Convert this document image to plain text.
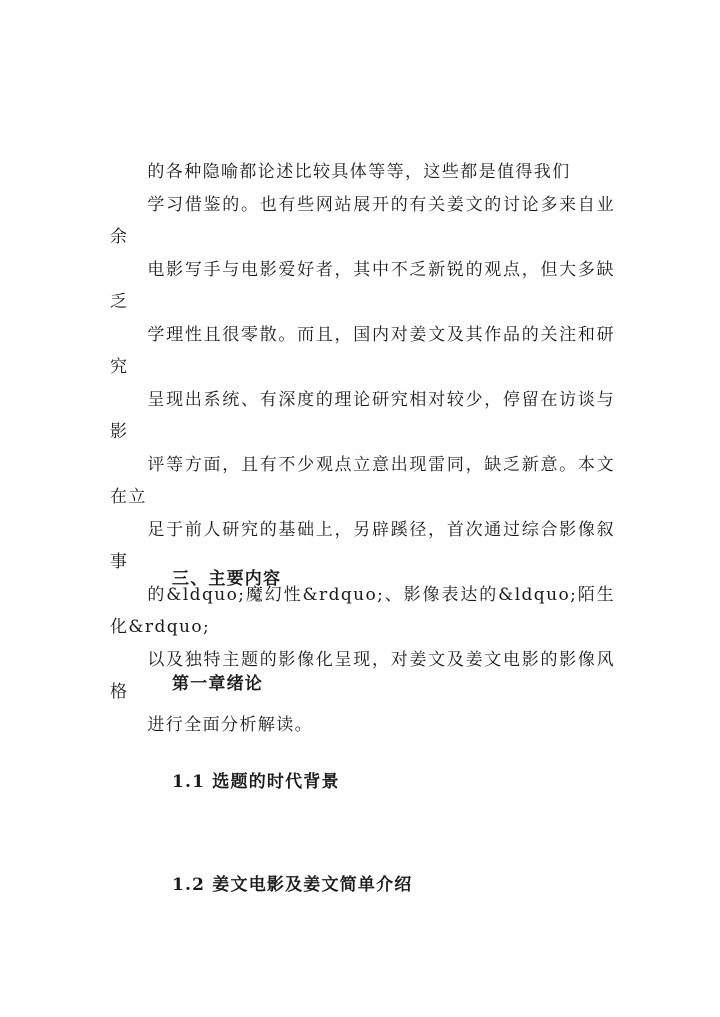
的各种隐喻都论述比较具体等等，这些都是值得我们
学习借鉴的。也有些网站展开的有关姜文的讨论多来自业余
电影写手与电影爱好者，其中不乏新锐的观点，但大多缺乏
学理性且很零散。而且，国内对姜文及其作品的关注和研究
呈现出系统、有深度的理论研究相对较少，停留在访谈与影
评等方面，且有不少观点立意出现雷同，缺乏新意。本文在立
足于前人研究的基础上，另辟蹊径，首次通过综合影像叙事
的&ldquo;魔幻性&rdquo;、影像表达的&ldquo;陌生化&rdquo;
以及独特主题的影像化呈现，对姜文及姜文电影的影像风格
进行全面分析解读。

三、主要内容
第一章绪论
1.1 选题的时代背景
1.2 姜文电影及姜文简单介绍
